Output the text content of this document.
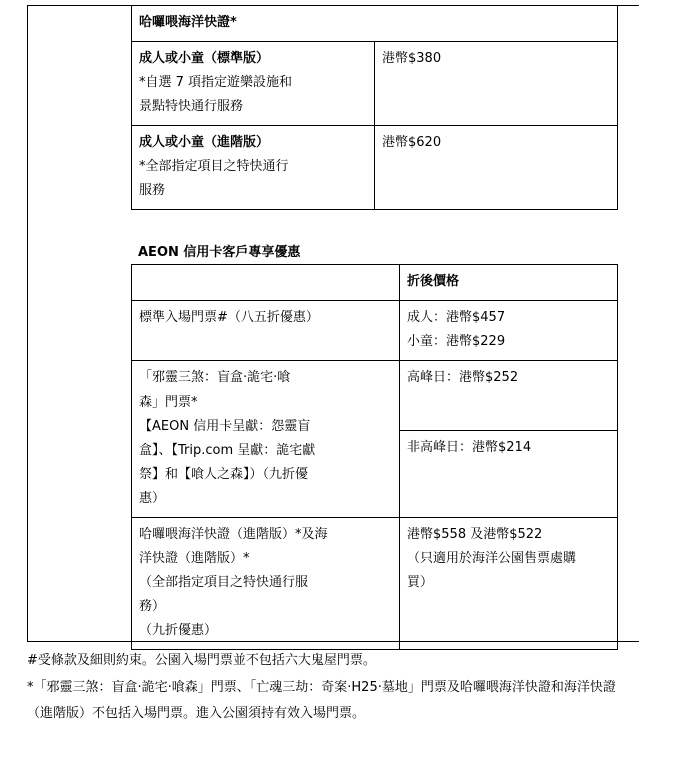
哈囉喂海洋快證*	

成人或小童（標準版）
*自選 7 項指定遊樂設施和
景點特快通行服務	港幣$380

成人或小童（進階版）
*全部指定項目之特快通行
服務	港幣$620
AEON 信用卡客戶專享優惠
	折後價格

標準入場門票#（八五折優惠）	成人：港幣$457
小童：港幣$229

「邪靈三煞：盲盒‧詭宅‧喰
森」門票*
【AEON 信用卡呈獻：怨靈盲
盒】、【Trip.com 呈獻：詭宅獻
祭】和【喰人之森】）（九折優
惠）
	高峰日：港幣$252
	非高峰日：港幣$214

哈囉喂海洋快證（進階版）*及海
洋快證（進階版）*
（全部指定項目之特快通行服
務）
（九折優惠）	港幣$558 及港幣$522
（只適用於海洋公園售票處購
買）

#受條款及細則約束。公園入場門票並不包括六大鬼屋門票。

*「邪靈三煞：盲盒‧詭宅‧喰森」門票、「亡魂三劫：奇案‧H25‧墓地」門票及哈囉喂海洋快證和海洋快證（進階版）不包括入場門票。進入公園須持有效入場門票。
